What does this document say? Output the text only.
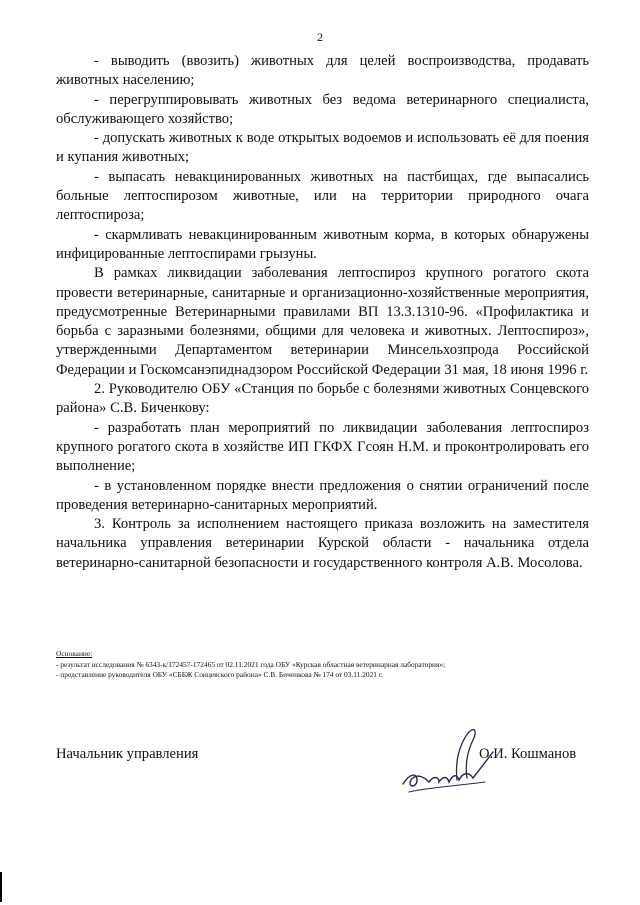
2

- выводить (ввозить) животных для целей воспроизводства, продавать животных населению;

- перегруппировывать животных без ведома ветеринарного специалиста, обслуживающего хозяйство;

- допускать животных к воде открытых водоемов и использовать её для поения и купания животных;

- выпасать невакцинированных животных на пастбищах, где выпасались больные лептоспирозом животные, или на территории природного очага лептоспироза;

- скармливать невакцинированным животным корма, в которых обнаружены инфицированные лептоспирами грызуны.

В рамках ликвидации заболевания лептоспироз крупного рогатого скота провести ветеринарные, санитарные и организационно-хозяйственные мероприятия, предусмотренные Ветеринарными правилами ВП 13.3.1310-96. «Профилактика и борьба с заразными болезнями, общими для человека и животных. Лептоспироз», утвержденными Департаментом ветеринарии Минсельхозпрода Российской Федерации и Госкомсанэпиднадзором Российской Федерации 31 мая, 18 июня 1996 г.

2. Руководителю ОБУ «Станция по борьбе с болезнями животных Сонцевского района» С.В. Биченкову:

- разработать план мероприятий по ликвидации заболевания лептоспироз крупного рогатого скота в хозяйстве ИП ГКФХ Гсоян Н.М. и проконтролировать его выполнение;

- в установленном порядке внести предложения о снятии ограничений после проведения ветеринарно-санитарных мероприятий.

3. Контроль за исполнением настоящего приказа возложить на заместителя начальника управления ветеринарии Курской области - начальника отдела ветеринарно-санитарной безопасности и государственного контроля А.В. Мосолова.

Основание:
- результат исследования № 6343-к/172457-172465 от 02.11.2021 года ОБУ «Курская областная ветеринарная лаборатория»;
- представление руководителя ОБУ «СББЖ Сонцевского района» С.В. Биченкова № 174 от 03.11.2021 г.
Начальник управления	О.И. Кошманов
